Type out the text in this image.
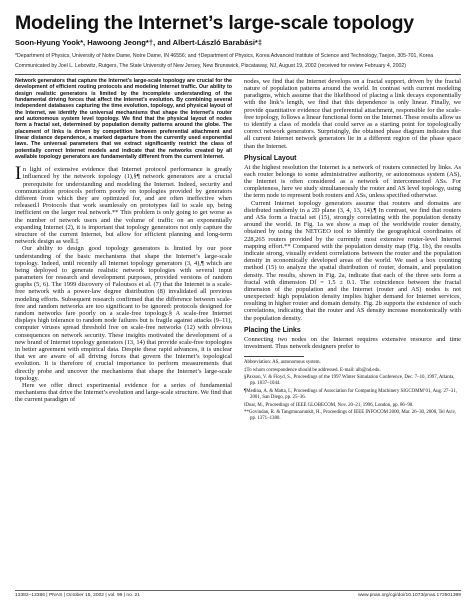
Modeling the Internet’s large-scale topology
Soon-Hyung Yook*, Hawoong Jeong*†, and Albert-László Barabási*‡
*Department of Physics, University of Notre Dame, Notre Dame, IN 46556; and †Department of Physics, Korea Advanced Institute of Science and Technology, Taejon, 305-701, Korea
Communicated by Joel L. Lebowitz, Rutgers, The State University of New Jersey, New Brunswick, Piscataway, NJ, August 19, 2002 (received for review February 4, 2002)
Network generators that capture the Internet’s large-scale topology are crucial for the development of efficient routing protocols and modeling Internet traffic. Our ability to design realistic generators is limited by the incomplete understanding of the fundamental driving forces that affect the Internet’s evolution. By combining several independent databases capturing the time evolution, topology, and physical layout of the Internet, we identify the universal mechanisms that shape the Internet’s router and autonomous system level topology. We find that the physical layout of nodes form a fractal set, determined by population density patterns around the globe. The placement of links is driven by competition between preferential attachment and linear distance dependence, a marked departure from the currently used exponential laws. The universal parameters that we extract significantly restrict the class of potentially correct Internet models and indicate that the networks created by all available topology generators are fundamentally different from the current Internet.

In light of extensive evidence that Internet protocol performance is greatly influenced by the network topology (1),§¶ network generators are a crucial prerequisite for understanding and modeling the Internet. Indeed, security and communication protocols perform poorly on topologies provided by generators different from which they are optimized for, and are often ineffective when released.‖ Protocols that work seamlessly on prototypes fail to scale up, being inefficient on the larger real network.** This problem is only going to get worse as the number of network users and the volume of traffic on an exponentially expanding Internet (2), it is important that topology generators not only capture the structure of the current Internet, but allow for efficient planning and long-term network design as well.‡

Our ability to design good topology generators is limited by our poor understanding of the basic mechanisms that shape the Internet’s large-scale topology. Indeed, until recently all Internet topology generators (3, 4),¶ which are being deployed to generate realistic network topologies with several input parameters for research and development purposes, provided versions of random graphs (5, 6). The 1999 discovery of Faloutsos et al. (7) that the Internet is a scale-free network with a power-law degree distribution (8) invalidated all previous modeling efforts. Subsequent research confirmed that the difference between scale-free and random networks are too significant to be ignored: protocols designed for random networks fare poorly on a scale-free topology.§ A scale-free Internet displays high tolerance to random node failures but is fragile against attacks (9–11), computer viruses spread threshold free on scale-free networks (12) with obvious consequences on network security. These insights motivated the development of a new brand of Internet topology generators (13, 14) that provide scale-free topologies in better agreement with empirical data. Despite these rapid advances, it is unclear that we are aware of all driving forces that govern the Internet’s topological evolution. It is therefore of crucial importance to perform measurements that directly probe and uncover the mechanisms that shape the Internet’s large-scale topology.

Here we offer direct experimental evidence for a series of fundamental mechanisms that drive the Internet’s evolution and large-scale structure. We find that the current paradigm of

nodes, we find that the Internet develops on a fractal support, driven by the fractal nature of population patterns around the world. In contrast with current modeling paradigms, which assume that the likelihood of placing a link decays exponentially with the link’s length, we find that this dependence is only linear. Finally, we provide quantitative evidence that preferential attachment, responsible for the scale-free topology, follows a linear functional form on the Internet. These results allow us to identify a class of models that could serve as a starting point for topologically correct network generators. Surprisingly, the obtained phase diagram indicates that all current Internet network generators lie in a different region of the phase space than the Internet.

Physical Layout

At the highest resolution the Internet is a network of routers connected by links. As each router belongs to some administrative authority, or autonomous system (AS), the Internet is often considered as a network of interconnected ASs. For completeness, here we study simultaneously the router and AS level topology, using the term node to represent both routers and ASs, unless specified otherwise.

Current Internet topology generators assume that routers and domains are distributed randomly in a 2D plane (3, 4, 13, 14).¶ In contrast, we find that routers and ASs form a fractal set (15), strongly correlating with the population density around the world. In Fig. 1a we show a map of the worldwide router density, obtained by using the NETGEO tool to identify the geographical coordinates of 228,265 routers provided by the currently most extensive router-level Internet mapping effort.** Compared with the population density map (Fig. 1b), the results indicate strong, visually evident correlations between the router and the population density in economically developed areas of the world. We used a box counting method (15) to analyze the spatial distribution of router, domain, and population density. The results, shown in Fig. 2a, indicate that each of the three sets form a fractal with dimension Df = 1.5 ± 0.1. The coincidence between the fractal dimension of the population and the Internet (router and AS) nodes is not unexpected: high population density implies higher demand for Internet services, resulting in higher router and domain density. Fig. 2b supports the existence of such correlations, indicating that the router and AS density increase monotonically with the population density.

Placing the Links

Connecting two nodes on the Internet requires extensive resource and time investment. Thus network designers prefer to

Abbreviation: AS, autonomous system.
‡To whom correspondence should be addressed. E-mail: alb@nd.edu.
§Paxson, V. & Floyd, S., Proceedings of the 1997 Winter Simulation Conference, Dec. 7–10, 1997, Atlanta, pp. 1037–1044.
¶Medina, A. & Matta, I., Proceedings of Association for Computing Machinery SIGCOMM’01, Aug. 27–31, 2001, San Diego, pp. 25–36.
‖Doar, M., Proceedings of IEEE GLOBECOM, Nov. 20–21, 1996, London, pp. 86–90.
**Govindan, R. & Tangmunarunkit, H., Proceedings of IEEE INFOCOM 2000, Mar. 26–30, 2000, Tel Aviv, pp. 1371–1380.
13382–13386 | PNAS | October 15, 2002 | vol. 99 | no. 21	www.pnas.org/cgi/doi/10.1073/pnas.172501399
